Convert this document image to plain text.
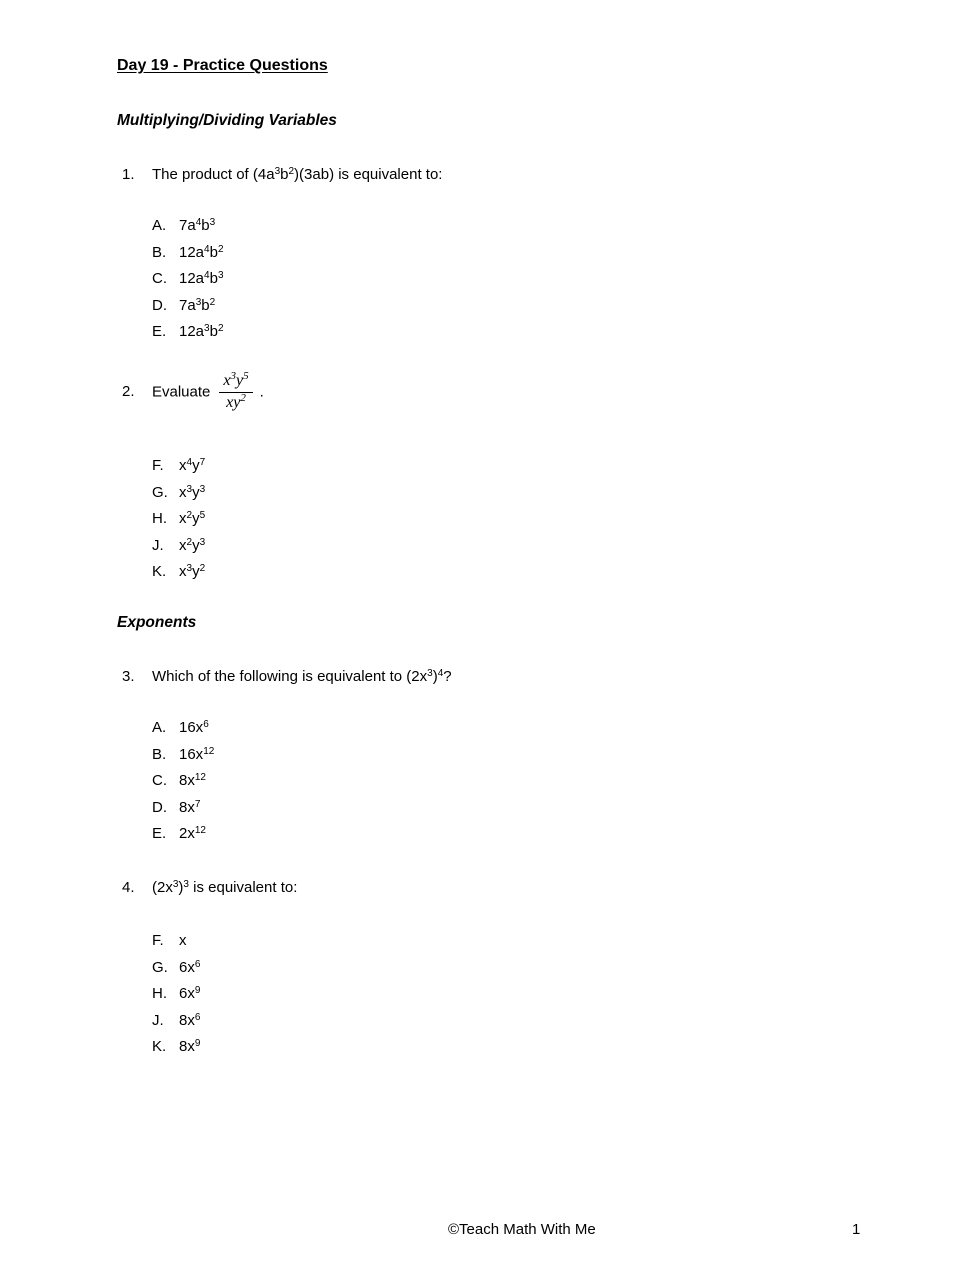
Day 19 - Practice Questions
Multiplying/Dividing Variables
1. The product of $(4a^3b^2)(3ab)$ is equivalent to:
A. $7a^4b^3$
B. $12a^4b^2$
C. $12a^4b^3$
D. $7a^3b^2$
E. $12a^3b^2$
2. Evaluate $\frac{x^3y^5}{xy^2}$ .
F. $x^4y^7$
G. $x^3y^3$
H. $x^2y^5$
J. $x^2y^3$
K. $x^3y^2$
Exponents
3. Which of the following is equivalent to $(2x^3)^4$?
A. $16x^6$
B. $16x^{12}$
C. $8x^{12}$
D. $8x^7$
E. $2x^{12}$
4. $(2x^3)^3$ is equivalent to:
F. x
G. $6x^6$
H. $6x^9$
J. $8x^6$
K. $8x^9$
©Teach Math With Me	1
